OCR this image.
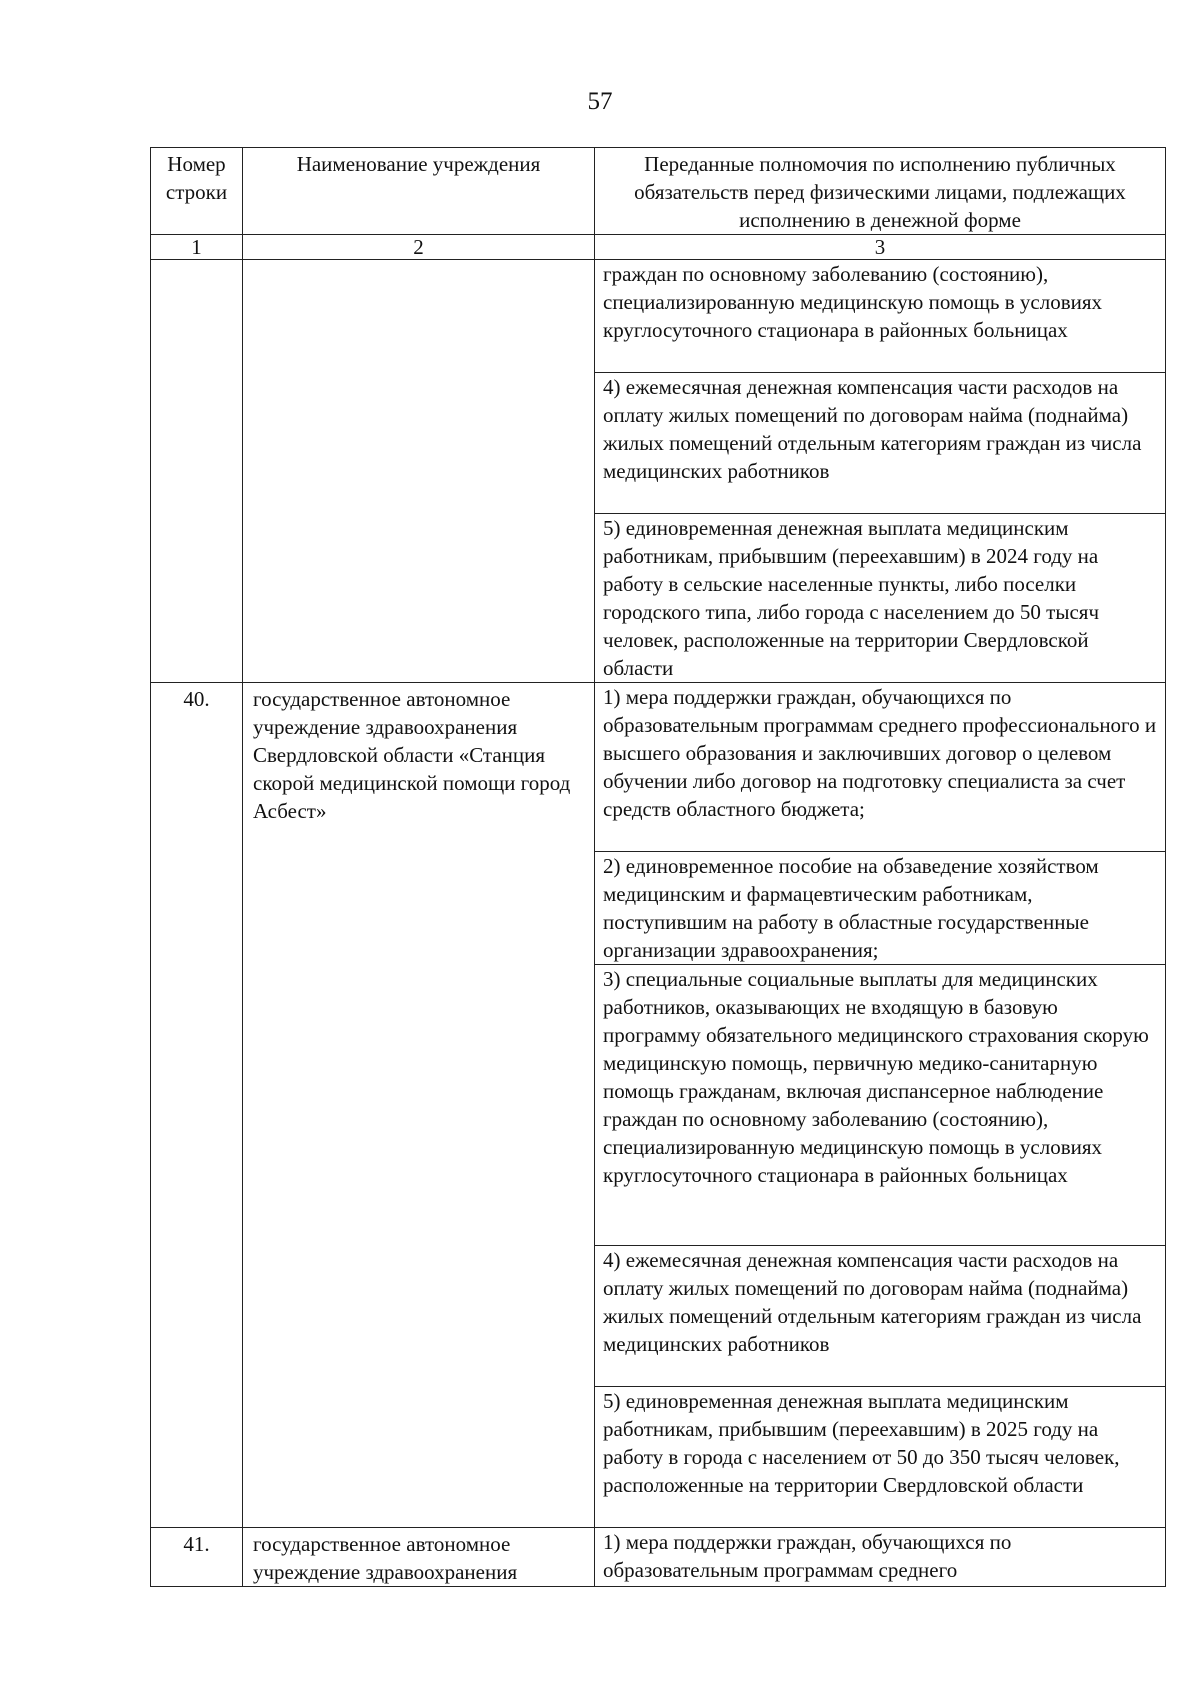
57
Номер строки	Наименование учреждения	Переданные полномочия по исполнению публичных обязательств перед физическими лицами, подлежащих исполнению в денежной форме
1	2	3
		граждан по основному заболеванию (состоянию), специализированную медицинскую помощь в условиях круглосуточного стационара в районных больницах
		4) ежемесячная денежная компенсация части расходов на оплату жилых помещений по договорам найма (поднайма) жилых помещений отдельным категориям граждан из числа медицинских работников
		5) единовременная денежная выплата медицинским работникам, прибывшим (переехавшим) в 2024 году на работу в сельские населенные пункты, либо поселки городского типа, либо города с населением до 50 тысяч человек, расположенные на территории Свердловской области
40.	государственное автономное учреждение здравоохранения Свердловской области «Станция скорой медицинской помощи город Асбест»	1) мера поддержки граждан, обучающихся по образовательным программам среднего профессионального и высшего образования и заключивших договор о целевом обучении либо договор на подготовку специалиста за счет средств областного бюджета;
		2) единовременное пособие на обзаведение хозяйством медицинским и фармацевтическим работникам, поступившим на работу в областные государственные организации здравоохранения;
		3) специальные социальные выплаты для медицинских работников, оказывающих не входящую в базовую программу обязательного медицинского страхования скорую медицинскую помощь, первичную медико-санитарную помощь гражданам, включая диспансерное наблюдение граждан по основному заболеванию (состоянию), специализированную медицинскую помощь в условиях круглосуточного стационара в районных больницах
		4) ежемесячная денежная компенсация части расходов на оплату жилых помещений по договорам найма (поднайма) жилых помещений отдельным категориям граждан из числа медицинских работников
		5) единовременная денежная выплата медицинским работникам, прибывшим (переехавшим) в 2025 году на работу в города с населением от 50 до 350 тысяч человек, расположенные на территории Свердловской области
41.	государственное автономное учреждение здравоохранения	1) мера поддержки граждан, обучающихся по образовательным программам среднего
